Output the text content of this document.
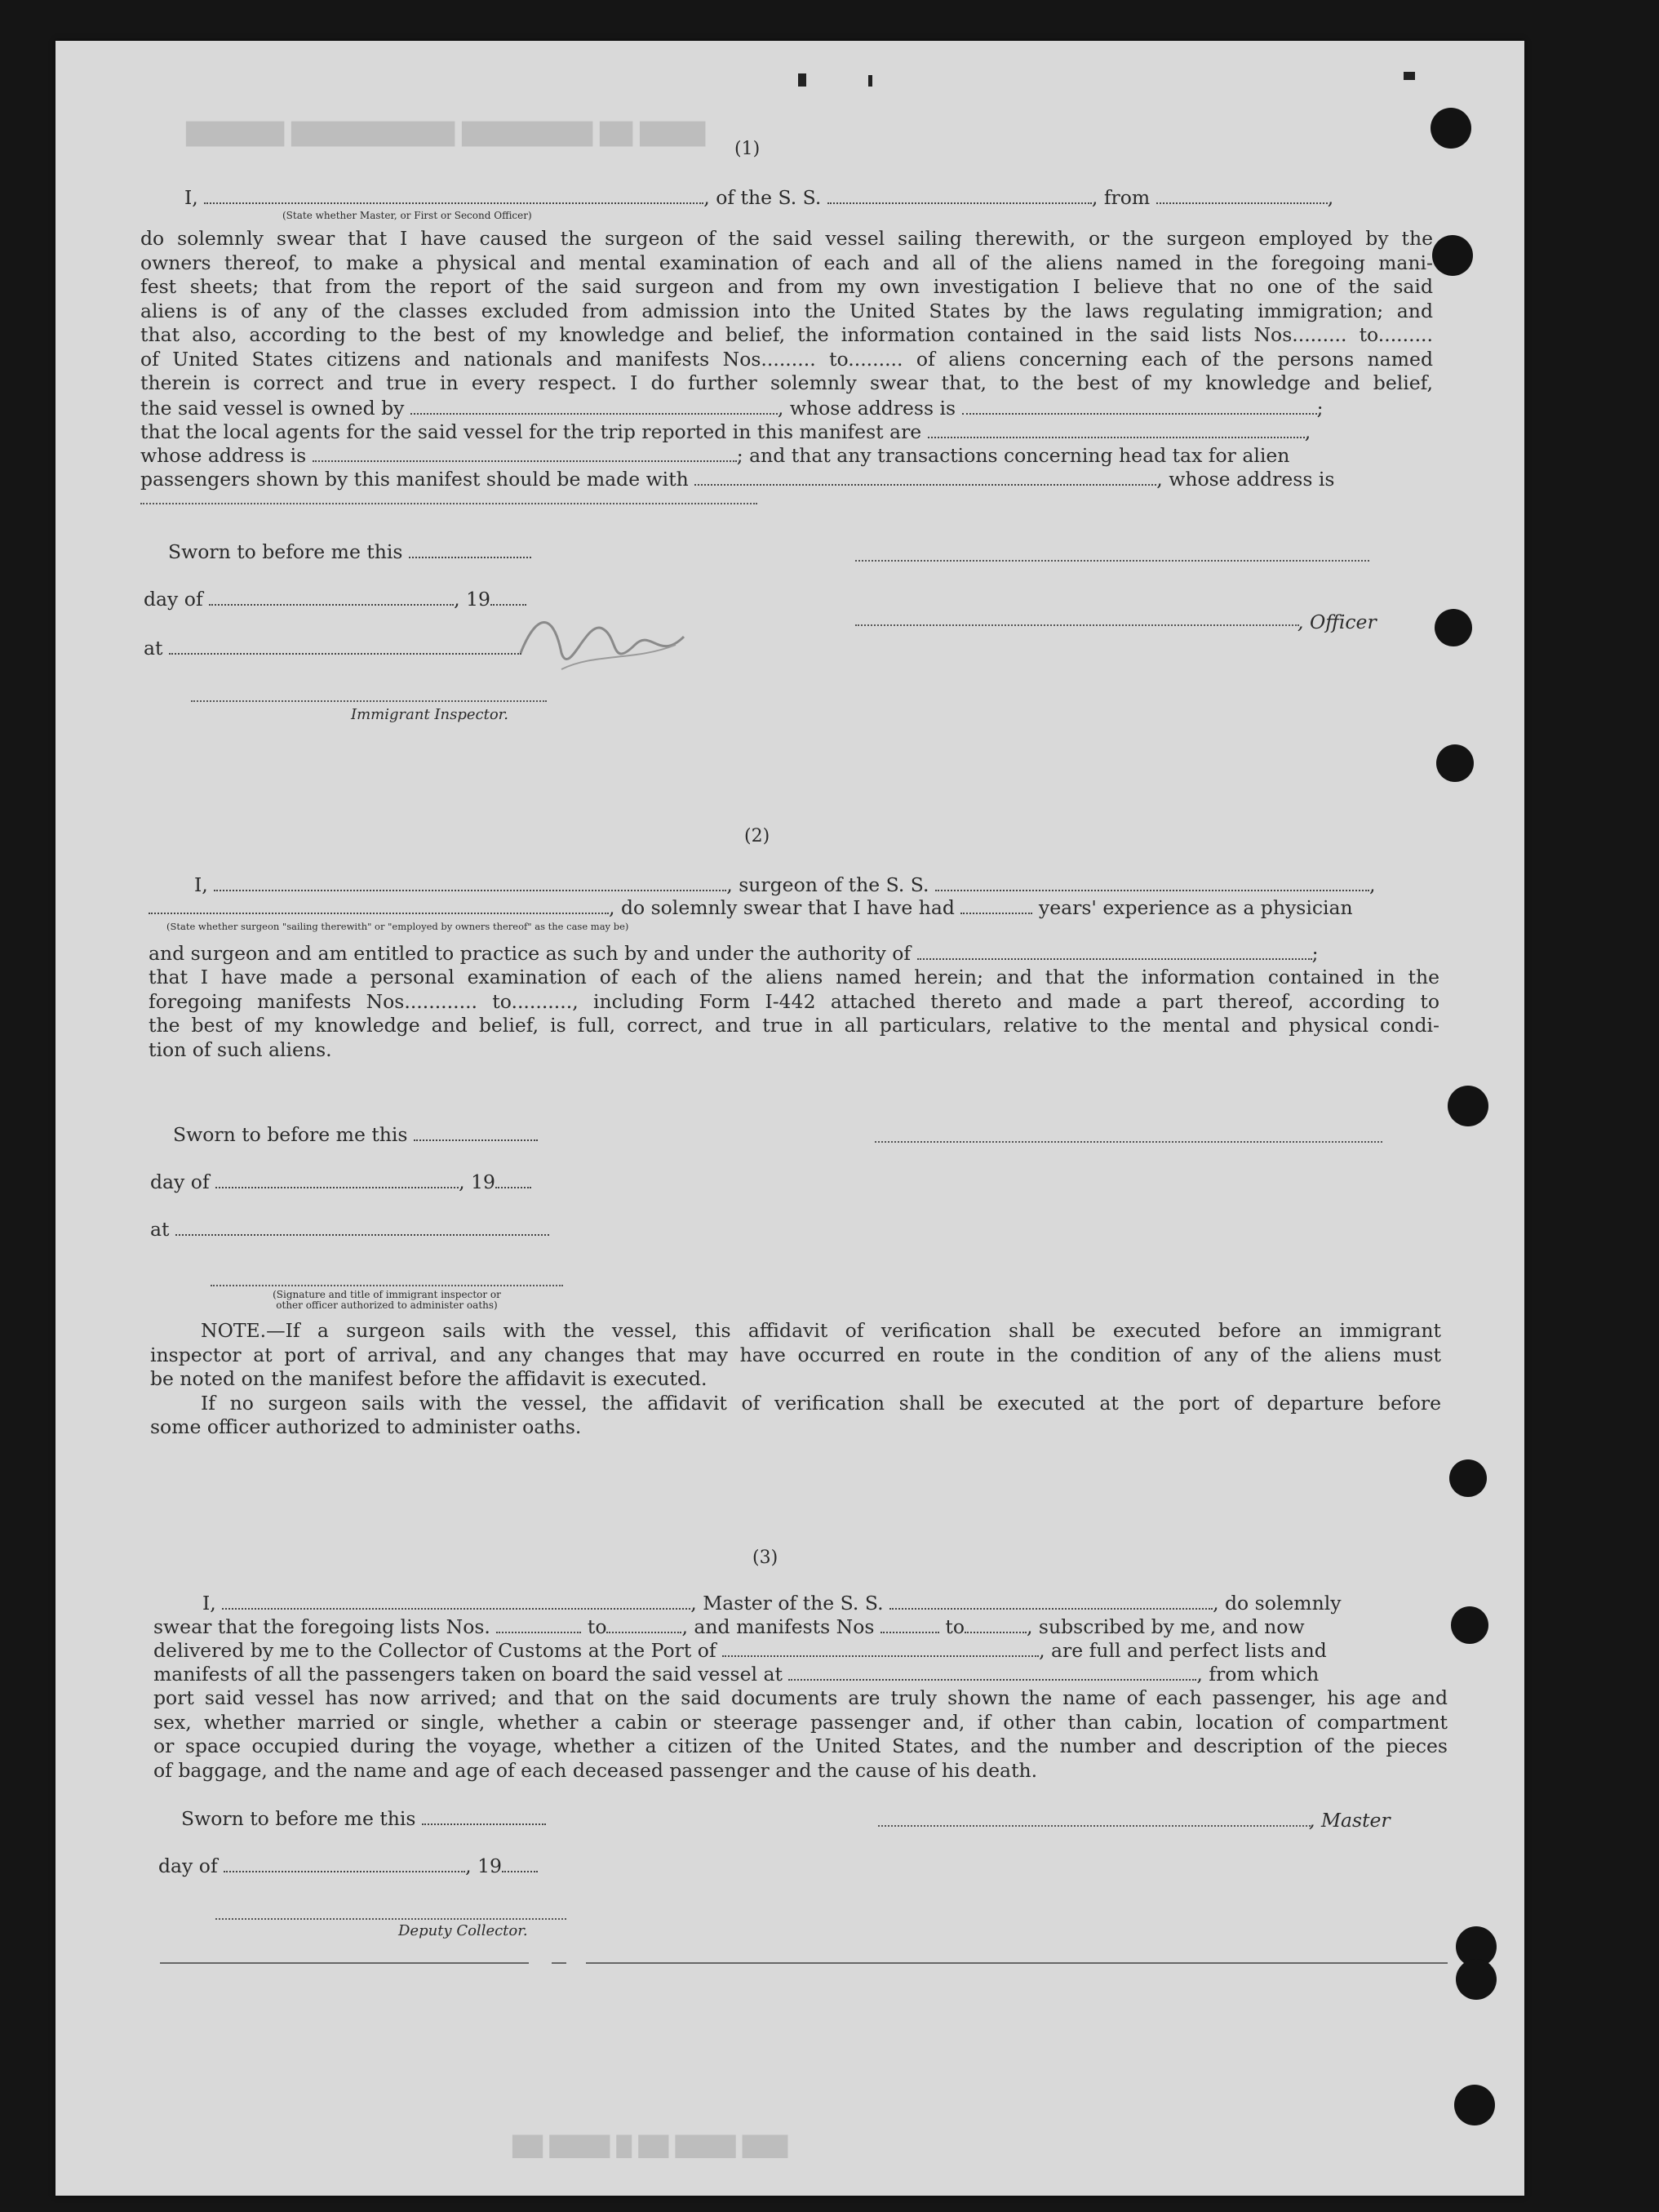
████ ██ ████████ ██████████ ██████
(1)
I,	, of the S. S.	, from	,
(State whether Master, or First or Second Officer)
do solemnly swear that I have caused the surgeon of the said vessel sailing therewith, or the surgeon employed by the
owners thereof, to make a physical and mental examination of each and all of the aliens named in the foregoing mani-
fest sheets; that from the report of the said surgeon and from my own investigation I believe that no one of the said
aliens is of any of the classes excluded from admission into the United States by the laws regulating immigration; and
that also, according to the best of my knowledge and belief, the information contained in the said lists Nos......... to.........
of United States citizens and nationals and manifests Nos......... to......... of aliens concerning each of the persons named
therein is correct and true in every respect. I do further solemnly swear that, to the best of my knowledge and belief,
the said vessel is owned by	, whose address is	;
that the local agents for the said vessel for the trip reported in this manifest are	,
whose address is	; and that any transactions concerning head tax for alien
passengers shown by this manifest should be made with	, whose address is
Sworn to before me this
day of	, 19
, Officer
at
Immigrant Inspector.
(2)
I,	, surgeon of the S. S.	,
, do solemnly swear that I have had	years' experience as a physician
(State whether surgeon "sailing therewith" or "employed by owners thereof" as the case may be)
and surgeon and am entitled to practice as such by and under the authority of	;
that I have made a personal examination of each of the aliens named herein; and that the information contained in the
foregoing manifests Nos............ to.........., including Form I-442 attached thereto and made a part thereof, according to
the best of my knowledge and belief, is full, correct, and true in all particulars, relative to the mental and physical condi-
tion of such aliens.
Sworn to before me this
day of	, 19
at
(Signature and title of immigrant inspector or
other officer authorized to administer oaths)
NOTE.—If a surgeon sails with the vessel, this affidavit of verification shall be executed before an immigrant
inspector at port of arrival, and any changes that may have occurred en route in the condition of any of the aliens must
be noted on the manifest before the affidavit is executed.
If no surgeon sails with the vessel, the affidavit of verification shall be executed at the port of departure before
some officer authorized to administer oaths.
(3)
I,	, Master of the S. S.	, do solemnly
swear that the foregoing lists Nos.	to	, and manifests Nos	to	, subscribed by me, and now
delivered by me to the Collector of Customs at the Port of	, are full and perfect lists and
manifests of all the passengers taken on board the said vessel at	, from which
port said vessel has now arrived; and that on the said documents are truly shown the name of each passenger, his age and
sex, whether married or single, whether a cabin or steerage passenger and, if other than cabin, location of compartment
or space occupied during the voyage, whether a citizen of the United States, and the number and description of the pieces
of baggage, and the name and age of each deceased passenger and the cause of his death.
Sworn to before me this	, Master
day of	, 19
Deputy Collector.
███ ████ ██ █ ████ ██
